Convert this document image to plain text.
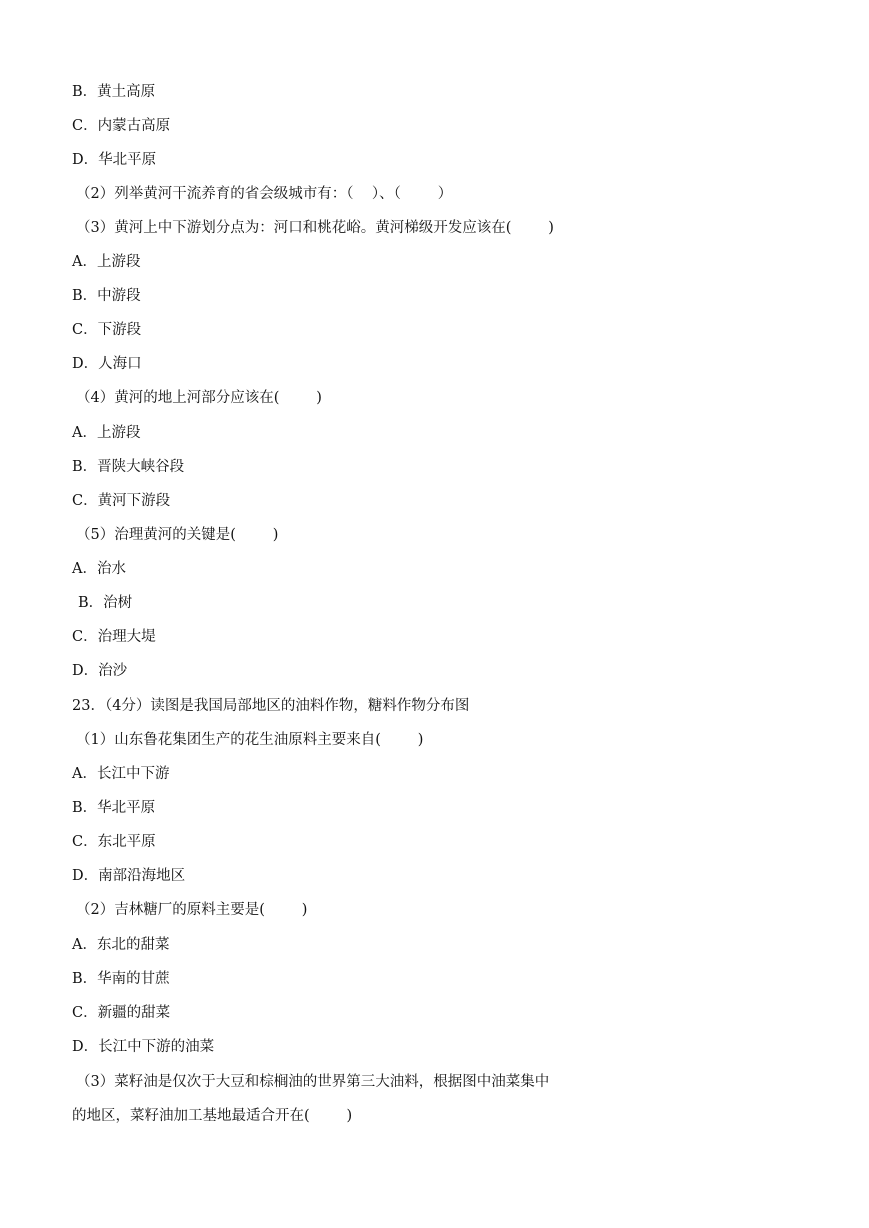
B．黄土高原
C．内蒙古高原
D．华北平原
（2）列举黄河干流养育的省会级城市有：（    ）、（        ）
（3）黄河上中下游划分点为：河口和桃花峪。黄河梯级开发应该在(        )
A．上游段
B．中游段
C．下游段
D．人海口
（4）黄河的地上河部分应该在(        )
A．上游段
B．晋陕大峡谷段
C．黄河下游段
（5）治理黄河的关键是(        )
A．治水
B．治树
C．治理大堤
D．治沙
23．（4分）读图是我国局部地区的油料作物，糖料作物分布图
（1）山东鲁花集团生产的花生油原料主要来自(        )
A．长江中下游
B．华北平原
C．东北平原
D．南部沿海地区
（2）吉林糖厂的原料主要是(        )
A．东北的甜菜
B．华南的甘蔗
C．新疆的甜菜
D．长江中下游的油菜
（3）菜籽油是仅次于大豆和棕榈油的世界第三大油料，根据图中油菜集中
的地区，菜籽油加工基地最适合开在(        )
